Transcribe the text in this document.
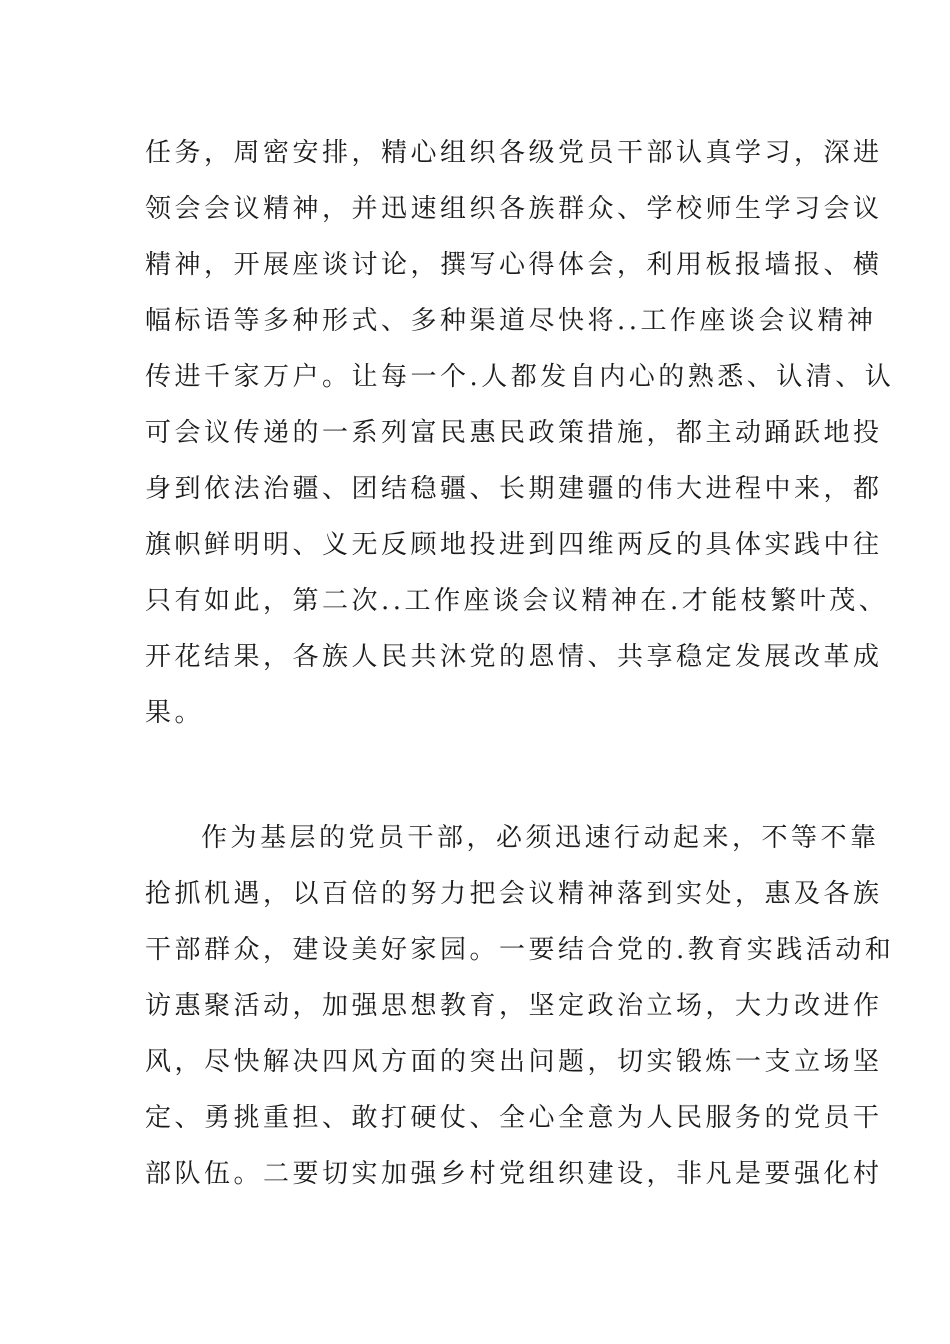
任务，周密安排，精心组织各级党员干部认真学习，深进
领会会议精神，并迅速组织各族群众、学校师生学习会议
精神，开展座谈讨论，撰写心得体会，利用板报墙报、横
幅标语等多种形式、多种渠道尽快将..工作座谈会议精神
传进千家万户。让每一个.人都发自内心的熟悉、认清、认
可会议传递的一系列富民惠民政策措施，都主动踊跃地投
身到依法治疆、团结稳疆、长期建疆的伟大进程中来，都
旗帜鲜明明、义无反顾地投进到四维两反的具体实践中往
只有如此，第二次..工作座谈会议精神在.才能枝繁叶茂、
开花结果，各族人民共沐党的恩情、共享稳定发展改革成
果。
作为基层的党员干部，必须迅速行动起来，不等不靠
抢抓机遇，以百倍的努力把会议精神落到实处，惠及各族
干部群众，建设美好家园。一要结合党的.教育实践活动和
访惠聚活动，加强思想教育，坚定政治立场，大力改进作
风，尽快解决四风方面的突出问题，切实锻炼一支立场坚
定、勇挑重担、敢打硬仗、全心全意为人民服务的党员干
部队伍。二要切实加强乡村党组织建设，非凡是要强化村
